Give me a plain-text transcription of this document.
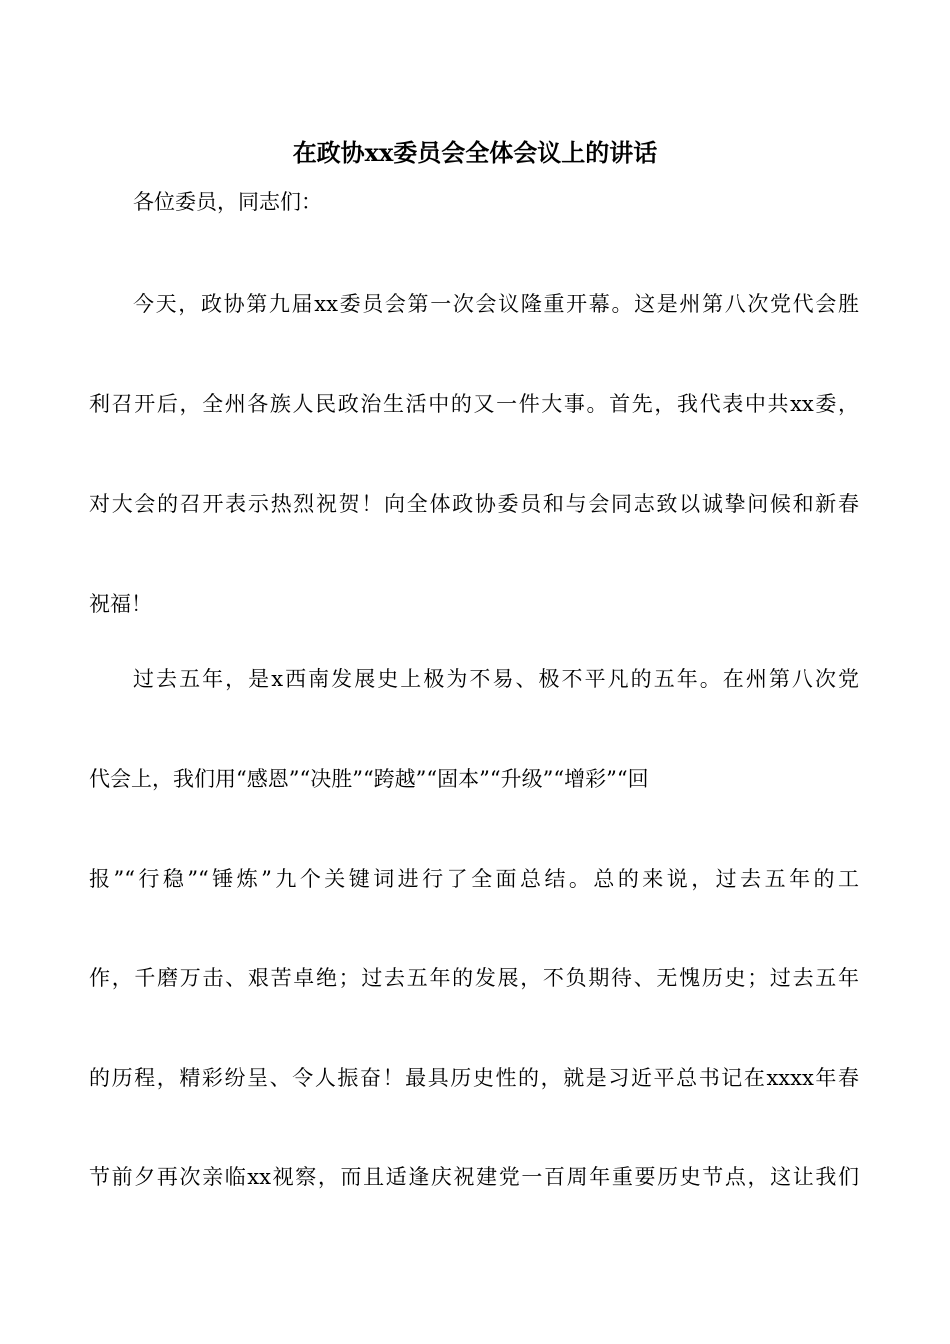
在政协xx委员会全体会议上的讲话
各位委员，同志们：
今天，政协第九届xx委员会第一次会议隆重开幕。这是州第八次党代会胜
利召开后，全州各族人民政治生活中的又一件大事。首先，我代表中共xx委，
对大会的召开表示热烈祝贺！向全体政协委员和与会同志致以诚挚问候和新春
祝福！
过去五年，是x西南发展史上极为不易、极不平凡的五年。在州第八次党
代会上，我们用“感恩”“决胜”“跨越”“固本”“升级”“增彩”“回
报”“行稳”“锤炼”九个关键词进行了全面总结。总的来说，过去五年的工
作，千磨万击、艰苦卓绝；过去五年的发展，不负期待、无愧历史；过去五年
的历程，精彩纷呈、令人振奋！最具历史性的，就是习近平总书记在xxxx年春
节前夕再次亲临xx视察，而且适逢庆祝建党一百周年重要历史节点，这让我们
